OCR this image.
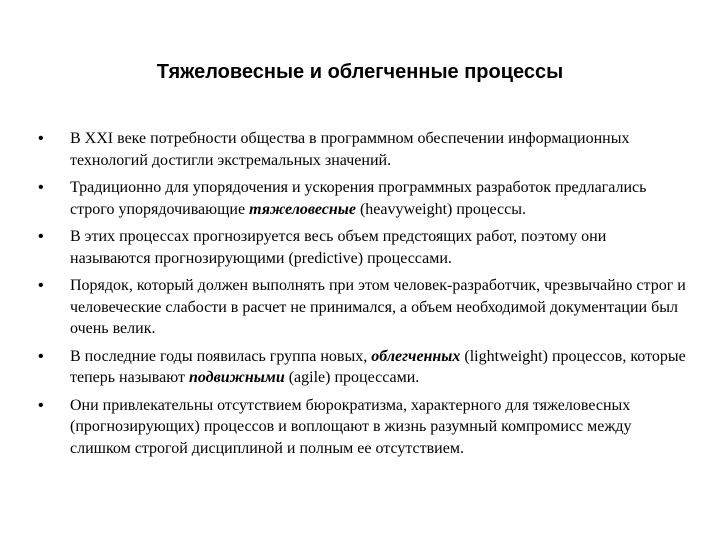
Тяжеловесные и облегченные процессы
• В XXI веке потребности общества в программном обеспечении информационных технологий достигли экстремальных значений.
• Традиционно для упорядочения и ускорения программных разработок предлагались строго упорядочивающие тяжеловесные (heavyweight) процессы.
• В этих процессах прогнозируется весь объем предстоящих работ, поэтому они называются прогнозирующими (predictive) процессами.
• Порядок, который должен выполнять при этом человек-разработчик, чрезвычайно строг и человеческие слабости в расчет не принимался, а объем необходимой документации был очень велик.
• В последние годы появилась группа новых, облегченных (lightweight) процессов, которые теперь называют подвижными (agile) процессами.
• Они привлекательны отсутствием бюрократизма, характерного для тяжеловесных (прогнозирующих) процессов и воплощают в жизнь разумный компромисс между слишком строгой дисциплиной и полным ее отсутствием.
